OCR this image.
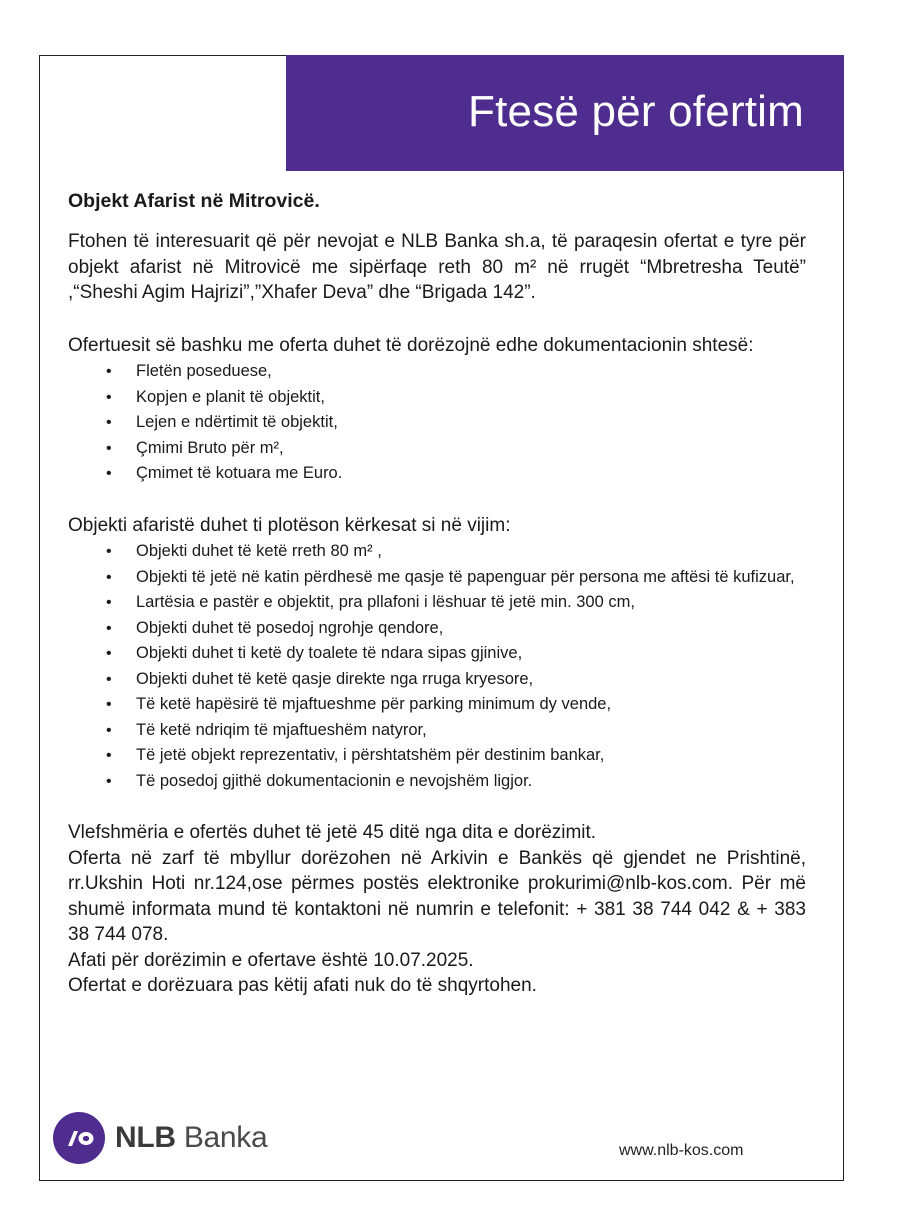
Ftesë për ofertim
Objekt Afarist në Mitrovicë.

Ftohen të interesuarit që për nevojat e NLB Banka sh.a, të paraqesin ofertat e tyre për objekt afarist në Mitrovicë me sipërfaqe reth 80 m² në rrugët “Mbretresha Teutë” ,“Sheshi Agim Hajrizi”,”Xhafer Deva” dhe “Brigada 142”.

Ofertuesit së bashku me oferta duhet të dorëzojnë edhe dokumentacionin shtesë:

• Fletën poseduese,
• Kopjen e planit të objektit,
• Lejen e ndërtimit të objektit,
• Çmimi Bruto për m²,
• Çmimet të kotuara me Euro.

Objekti afaristë duhet ti plotëson kërkesat si në vijim:

• Objekti duhet të ketë rreth 80 m² ,
• Objekti të jetë në katin përdhesë me qasje të papenguar për persona me aftësi të kufizuar,
• Lartësia e pastër e objektit, pra pllafoni i lëshuar të jetë min. 300 cm,
• Objekti duhet të posedoj ngrohje qendore,
• Objekti duhet ti ketë dy toalete të ndara sipas gjinive,
• Objekti duhet të ketë qasje direkte nga rruga kryesore,
• Të ketë hapësirë të mjaftueshme për parking minimum dy vende,
• Të ketë ndriqim të mjaftueshëm natyror,
• Të jetë objekt reprezentativ, i përshtatshëm për destinim bankar,
• Të posedoj gjithë dokumentacionin e nevojshëm ligjor.

Vlefshmëria e ofertës duhet të jetë 45 ditë nga dita e dorëzimit.

Oferta në zarf të mbyllur dorëzohen në Arkivin e Bankës që gjendet ne Prishtinë, rr.Ukshin Hoti nr.124,ose përmes postës elektronike prokurimi@nlb-kos.com. Për më shumë informata mund të kontaktoni në numrin e telefonit: + 381 38 744 042 & + 383 38 744 078.

Afati për dorëzimin e ofertave është 10.07.2025.

Ofertat e dorëzuara pas këtij afati nuk do të shqyrtohen.

NLB Banka	www.nlb-kos.com
